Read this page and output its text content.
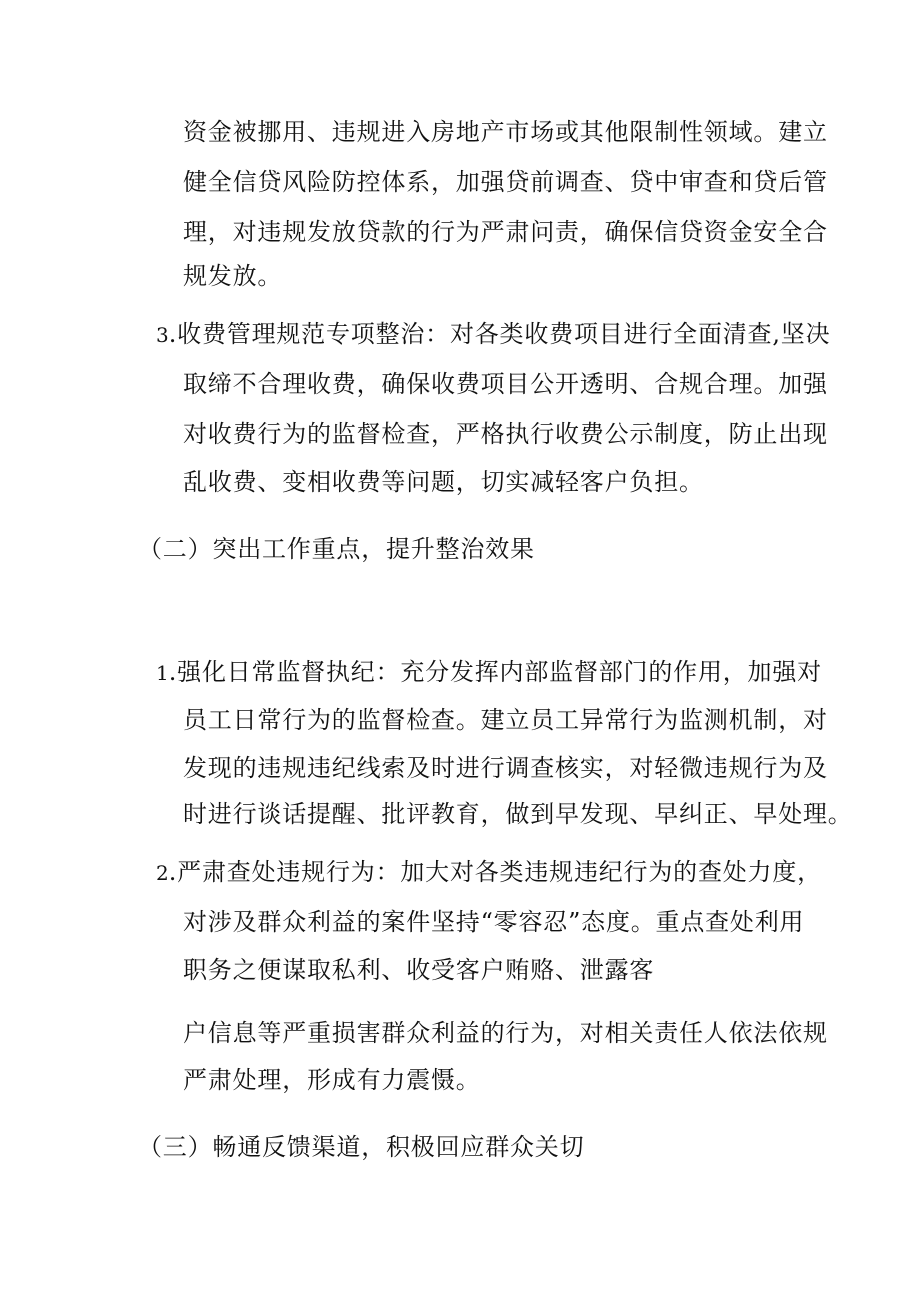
资金被挪用、违规进入房地产市场或其他限制性领域。建立
健全信贷风险防控体系，加强贷前调查、贷中审查和贷后管
理，对违规发放贷款的行为严肃问责，确保信贷资金安全合
规发放。
3.收费管理规范专项整治：对各类收费项目进行全面清查,坚决
取缔不合理收费，确保收费项目公开透明、合规合理。加强
对收费行为的监督检查，严格执行收费公示制度，防止出现
乱收费、变相收费等问题，切实减轻客户负担。
（二）突出工作重点，提升整治效果
1.强化日常监督执纪：充分发挥内部监督部门的作用，加强对
员工日常行为的监督检查。建立员工异常行为监测机制，对
发现的违规违纪线索及时进行调查核实，对轻微违规行为及
时进行谈话提醒、批评教育，做到早发现、早纠正、早处理。
2.严肃查处违规行为：加大对各类违规违纪行为的查处力度，
对涉及群众利益的案件坚持“零容忍”态度。重点查处利用
职务之便谋取私利、收受客户贿赂、泄露客
户信息等严重损害群众利益的行为，对相关责任人依法依规
严肃处理，形成有力震慑。
（三）畅通反馈渠道，积极回应群众关切
